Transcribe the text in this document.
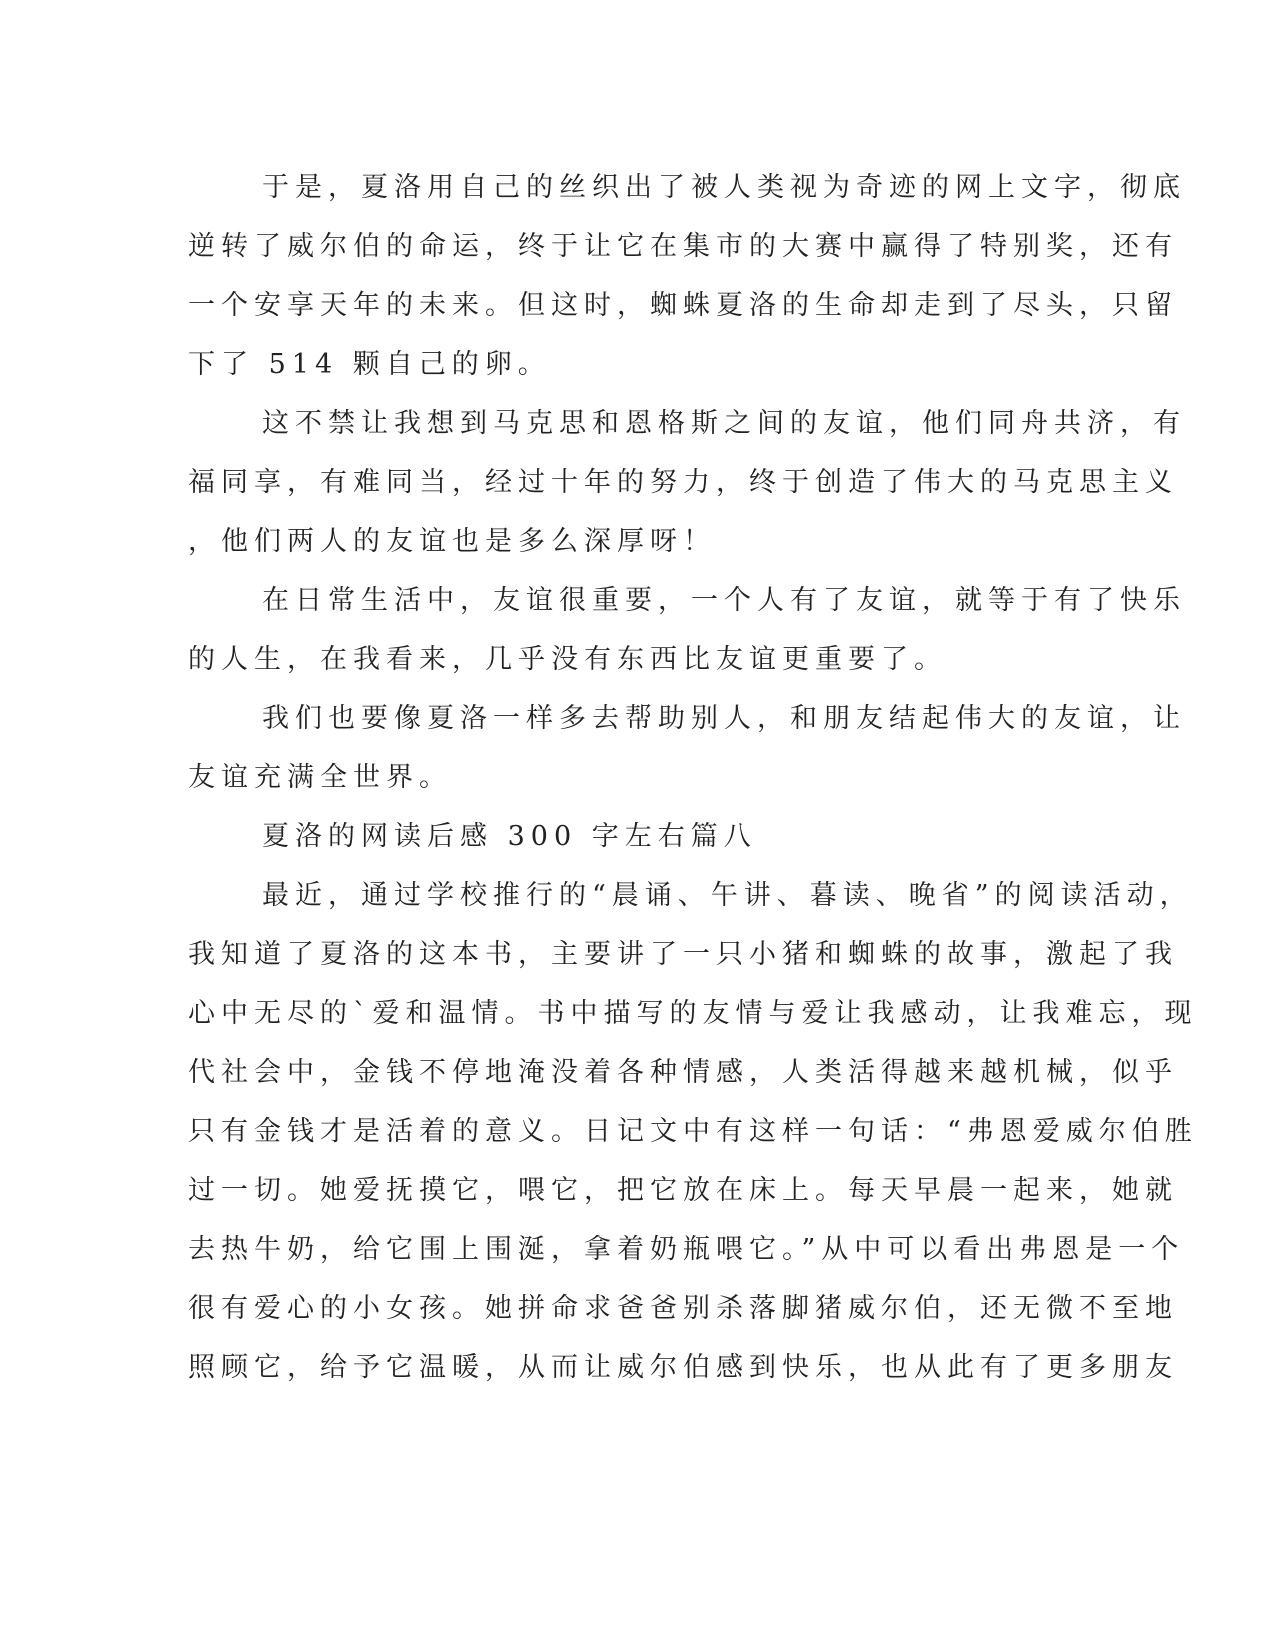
于是，夏洛用自己的丝织出了被人类视为奇迹的网上文字，彻底
逆转了威尔伯的命运，终于让它在集市的大赛中赢得了特别奖，还有
一个安享天年的未来。但这时，蜘蛛夏洛的生命却走到了尽头，只留
下了 514 颗自己的卵。
这不禁让我想到马克思和恩格斯之间的友谊，他们同舟共济，有
福同享，有难同当，经过十年的努力，终于创造了伟大的马克思主义
，他们两人的友谊也是多么深厚呀！
在日常生活中，友谊很重要，一个人有了友谊，就等于有了快乐
的人生，在我看来，几乎没有东西比友谊更重要了。
我们也要像夏洛一样多去帮助别人，和朋友结起伟大的友谊，让
友谊充满全世界。
夏洛的网读后感 300 字左右篇八
最近，通过学校推行的“晨诵、午讲、暮读、晚省”的阅读活动，
我知道了夏洛的这本书，主要讲了一只小猪和蜘蛛的故事，激起了我
心中无尽的`爱和温情。书中描写的友情与爱让我感动，让我难忘，现
代社会中，金钱不停地淹没着各种情感，人类活得越来越机械，似乎
只有金钱才是活着的意义。日记文中有这样一句话：“弗恩爱威尔伯胜
过一切。她爱抚摸它，喂它，把它放在床上。每天早晨一起来，她就
去热牛奶，给它围上围涎，拿着奶瓶喂它。”从中可以看出弗恩是一个
很有爱心的小女孩。她拼命求爸爸别杀落脚猪威尔伯，还无微不至地
照顾它，给予它温暖，从而让威尔伯感到快乐，也从此有了更多朋友
